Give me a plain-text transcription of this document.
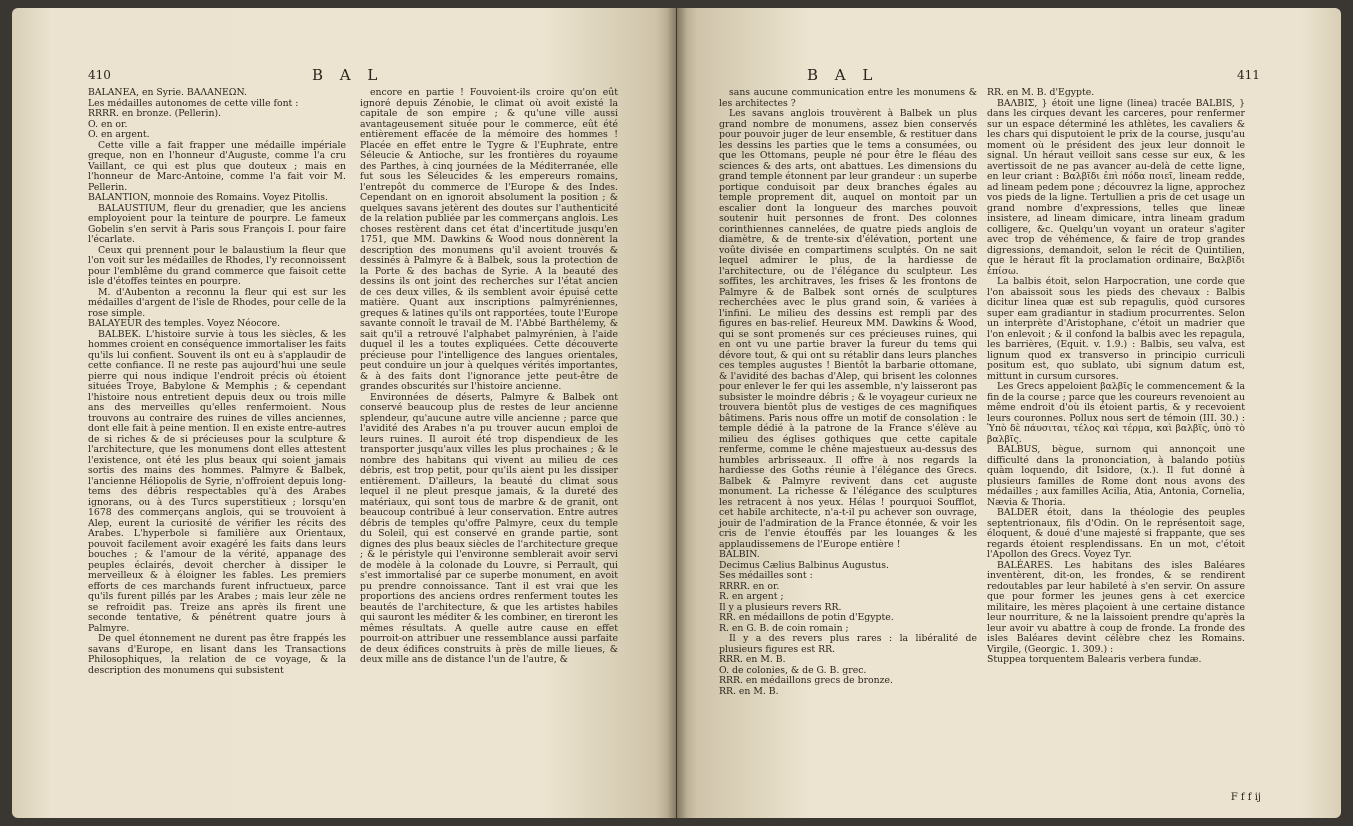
410	B A L

BALANEA, en Syrie. BAΛANEΩN.

Les médailles autonomes de cette ville font :

RRRR. en bronze. (Pellerin).

O. en or.

O. en argent.

Cette ville a fait frapper une médaille impériale greque, non en l'honneur d'Auguste, comme l'a cru Vaillant, ce qui est plus que douteux ; mais en l'honneur de Marc-Antoine, comme l'a fait voir M. Pellerin.

BALANTION, monnoie des Romains. Voyez Pitollis.

BALAUSTIUM, fleur du grenadier, que les anciens employoient pour la teinture de pourpre. Le fameux Gobelin s'en servit à Paris sous François I. pour faire l'écarlate.

Ceux qui prennent pour le balaustium la fleur que l'on voit sur les médailles de Rhodes, l'y reconnoissent pour l'emblême du grand commerce que faisoit cette isle d'étoffes teintes en pourpre.

M. d'Aubenton a reconnu la fleur qui est sur les médailles d'argent de l'isle de Rhodes, pour celle de la rose simple.

BALAYEUR des temples. Voyez Néocore.

BALBEK. L'histoire survie à tous les siècles, & les hommes croient en conséquence immortaliser les faits qu'ils lui confient. Souvent ils ont eu à s'applaudir de cette confiance. Il ne reste pas aujourd'hui une seule pierre qui nous indique l'endroit précis où étoient situées Troye, Babylone & Memphis ; & cependant l'histoire nous entretient depuis deux ou trois mille ans des merveilles qu'elles renfermoient. Nous trouvons au contraire des ruines de villes anciennes, dont elle fait à peine mention. Il en existe entre-autres de si riches & de si précieuses pour la sculpture & l'architecture, que les monumens dont elles attestent l'existence, ont été les plus beaux qui soient jamais sortis des mains des hommes. Palmyre & Balbek, l'ancienne Héliopolis de Syrie, n'offroient depuis long-tems des débris respectables qu'à des Arabes ignorans, ou à des Turcs superstitieux ; lorsqu'en 1678 des commerçans anglois, qui se trouvoient à Alep, eurent la curiosité de vérifier les récits des Arabes. L'hyperbole si familière aux Orientaux, pouvoit facilement avoir exagéré les faits dans leurs bouches ; & l'amour de la vérité, appanage des peuples éclairés, devoit chercher à dissiper le merveilleux & à éloigner les fables. Les premiers efforts de ces marchands furent infructueux, parce qu'ils furent pillés par les Arabes ; mais leur zèle ne se refroidit pas. Treize ans après ils firent une seconde tentative, & pénétrent quatre jours à Palmyre.

De quel étonnement ne durent pas être frappés les savans d'Europe, en lisant dans les Transactions Philosophiques, la relation de ce voyage, & la description des monumens qui subsistent

encore en partie ! Fouvoient-ils croire qu'on eût ignoré depuis Zénobie, le climat où avoit existé la capitale de son empire ; & qu'une ville aussi avantageusement située pour le commerce, eût été entièrement effacée de la mémoire des hommes ! Placée en effet entre le Tygre & l'Euphrate, entre Séleucie & Antioche, sur les frontières du royaume des Parthes, à cinq journées de la Méditerranée, elle fut sous les Séleucides & les empereurs romains, l'entrepôt du commerce de l'Europe & des Indes. Cependant on en ignoroit absolument la position ; & quelques savans jetèrent des doutes sur l'authenticité de la relation publiée par les commerçans anglois. Les choses restèrent dans cet état d'incertitude jusqu'en 1751, que MM. Dawkins & Wood nous donnèrent la description des monumens qu'il avoient trouvés & dessinés à Palmyre & à Balbek, sous la protection de la Porte & des bachas de Syrie. A la beauté des dessins ils ont joint des recherches sur l'état ancien de ces deux villes, & ils semblent avoir épuisé cette matière. Quant aux inscriptions palmyréniennes, greques & latines qu'ils ont rapportées, toute l'Europe savante connoît le travail de M. l'Abbé Barthélemy, & sait qu'il a retrouvé l'alphabet palmyrénien, à l'aide duquel il les a toutes expliquées. Cette découverte précieuse pour l'intelligence des langues orientales, peut conduire un jour à quelques vérités importantes, & à des faits dont l'ignorance jette peut-être de grandes obscurités sur l'histoire ancienne.

Environnées de déserts, Palmyre & Balbek ont conservé beaucoup plus de restes de leur ancienne splendeur, qu'aucune autre ville ancienne ; parce que l'avidité des Arabes n'a pu trouver aucun emploi de leurs ruines. Il auroit été trop dispendieux de les transporter jusqu'aux villes les plus prochaines ; & le nombre des habitans qui vivent au milieu de ces débris, est trop petit, pour qu'ils aient pu les dissiper entièrement. D'ailleurs, la beauté du climat sous lequel il ne pleut presque jamais, & la dureté des matériaux, qui sont tous de marbre & de granit, ont beaucoup contribué à leur conservation. Entre autres débris de temples qu'offre Palmyre, ceux du temple du Soleil, qui est conservé en grande partie, sont dignes des plus beaux siècles de l'architecture greque ; & le péristyle qui l'environne semblerait avoir servi de modèle à la colonade du Louvre, si Perrault, qui s'est immortalisé par ce superbe monument, en avoit pu prendre connoissance. Tant il est vrai que les proportions des anciens ordres renferment toutes les beautés de l'architecture, & que les artistes habiles qui sauront les méditer & les combiner, en tireront les mêmes résultats. A quelle autre cause en effet pourroit-on attribuer une ressemblance aussi parfaite de deux édifices construits à près de mille lieues, & deux mille ans de distance l'un de l'autre, &

B A L	411

sans aucune communication entre les monumens & les architectes ?

Les savans anglois trouvèrent à Balbek un plus grand nombre de monumens, assez bien conservés pour pouvoir juger de leur ensemble, & restituer dans les dessins les parties que le tems a consumées, ou que les Ottomans, peuple né pour être le fléau des sciences & des arts, ont abattues. Les dimensions du grand temple étonnent par leur grandeur : un superbe portique conduisoit par deux branches égales au temple proprement dit, auquel on montoit par un escalier dont la longueur des marches pouvoit soutenir huit personnes de front. Des colonnes corinthiennes cannelées, de quatre pieds anglois de diamètre, & de trente-six d'élévation, portent une voûte divisée en compartimens sculptés. On ne sait lequel admirer le plus, de la hardiesse de l'architecture, ou de l'élégance du sculpteur. Les soffites, les architraves, les frises & les frontons de Palmyre & de Balbek sont ornés de sculptures recherchées avec le plus grand soin, & variées à l'infini. Le milieu des dessins est rempli par des figures en bas-relief. Heureux MM. Dawkins & Wood, qui se sont promenés sur ces précieuses ruines, qui en ont vu une partie braver la fureur du tems qui dévore tout, & qui ont su rétablir dans leurs planches ces temples augustes ! Bientôt la barbarie ottomane, & l'avidité des bachas d'Alep, qui brisent les colonnes pour enlever le fer qui les assemble, n'y laisseront pas subsister le moindre débris ; & le voyageur curieux ne trouvera bientôt plus de vestiges de ces magnifiques bâtimens. Paris nous offre un motif de consolation : le temple dédié à la patrone de la France s'élève au milieu des églises gothiques que cette capitale renferme, comme le chêne majestueux au-dessus des humbles arbrisseaux. Il offre à nos regards la hardiesse des Goths réunie à l'élégance des Grecs. Balbek & Palmyre revivent dans cet auguste monument. La richesse & l'élégance des sculptures les retracent à nos yeux. Hélas ! pourquoi Soufflot, cet habile architecte, n'a-t-il pu achever son ouvrage, jouir de l'admiration de la France étonnée, & voir les cris de l'envie étouffés par les louanges & les applaudissemens de l'Europe entière !

BALBIN.

Decimus Cælius Balbinus Augustus.

Ses médailles sont :

RRRR. en or.

R. en argent ;

Il y a plusieurs revers RR.

RR. en médaillons de potin d'Egypte.

R. en G. B. de coin romain ;

Il y a des revers plus rares : la libéralité de plusieurs figures est RR.

RRR. en M. B.

O. de colonies, & de G. B. grec.

RRR. en médaillons grecs de bronze.

RR. en M. B.

RR. en M. B. d'Egypte.

BAΛBIΣ, } étoit une ligne (linea) tracée BALBIS, } dans les cirques devant les carceres, pour renfermer sur un espace déterminé les athlètes, les cavaliers & les chars qui disputoient le prix de la course, jusqu'au moment où le président des jeux leur donnoit le signal. Un héraut veilloit sans cesse sur eux, & les avertissoit de ne pas avancer au-delà de cette ligne, en leur criant : Βαλβῖδι ἐπὶ πόδα ποιεῖ, lineam redde, ad lineam pedem pone ; découvrez la ligne, approchez vos pieds de la ligne. Tertullien a pris de cet usage un grand nombre d'expressions, telles que lineæ insistere, ad lineam dimicare, intra lineam gradum colligere, &c. Quelqu'un voyant un orateur s'agiter avec trop de véhémence, & faire de trop grandes digressions, demandoit, selon le récit de Quintilien, que le héraut fît la proclamation ordinaire, Βαλβῖδι ἐπίσω.

La balbis étoit, selon Harpocration, une corde que l'on abaissoit sous les pieds des chevaux : Balbis dicitur linea quæ est sub repagulis, quòd cursores super eam gradiantur in stadium procurrentes. Selon un interprète d'Aristophane, c'étoit un madrier que l'on enlevoit ; & il confond la balbis avec les repagula, les barrières, (Equit. v. 1.9.) : Balbis, seu valva, est lignum quod ex transverso in principio curriculi positum est, quo sublato, ubi signum datum est, mittunt in cursum cursores.

Les Grecs appeloient βαλβῖς le commencement & la fin de la course ; parce que les coureurs revenoient au même endroit d'où ils étoient partis, & y recevoient leurs couronnes. Pollux nous sert de témoin (III. 30.) : Ὑπὸ δὲ πάυσιται, τέλος καὶ τέρμα, καὶ βαλβῖς, ὑπὸ τὸ βαλβῖς.

BALBUS, bègue, surnom qui annonçoit une difficulté dans la prononciation, à balando potiùs quàm loquendo, dit Isidore, (x.). Il fut donné à plusieurs familles de Rome dont nous avons des médailles ; aux familles Acilia, Atia, Antonia, Cornelia, Nævia & Thoria.

BALDER étoit, dans la théologie des peuples septentrionaux, fils d'Odin. On le représentoit sage, éloquent, & doué d'une majesté si frappante, que ses regards étoient resplendissans. En un mot, c'étoit l'Apollon des Grecs. Voyez Tyr.

BALÉARES. Les habitans des isles Baléares inventèrent, dit-on, les frondes, & se rendirent redoutables par leur habileté à s'en servir. On assure que pour former les jeunes gens à cet exercice militaire, les mères plaçoient à une certaine distance leur nourriture, & ne la laissoient prendre qu'après la leur avoir vu abattre à coup de fronde. La fronde des isles Baléares devint célèbre chez les Romains. Virgile, (Georgic. 1. 309.) :

Stuppea torquentem Balearis verbera fundæ.

F f f ij
